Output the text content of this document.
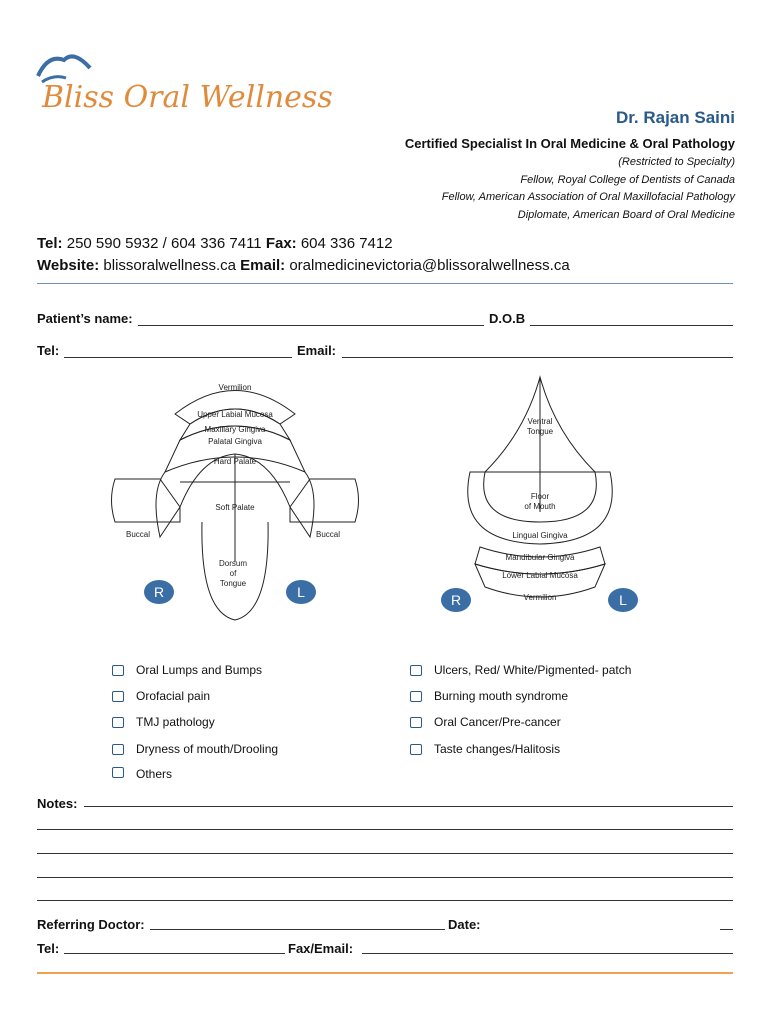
Bliss Oral Wellness
Dr. Rajan Saini
Certified Specialist In Oral Medicine & Oral Pathology
(Restricted to Specialty)
Fellow, Royal College of Dentists of Canada
Fellow, American Association of Oral Maxillofacial Pathology
Diplomate, American Board of Oral Medicine
Tel: 250 590 5932 / 604 336 7411 Fax: 604 336 7412
Website: blissoralwellness.ca Email: oralmedicinevictoria@blissoralwellness.ca
Patient’s name:	D.O.B
Tel:	Email:
Vermilion
Upper Labial Mucosa
Maxillary Gingiva
Palatal Gingiva
Hard Palate
Soft Palate
Buccal	Buccal
Dorsum
of
Tongue
R	L
Ventral
Tongue
Floor
of Mouth
Lingual Gingiva
Mandibular Gingiva
Lower Labial Mucosa
Vermilion
R	L
Oral Lumps and Bumps
Orofacial pain
TMJ pathology
Dryness of mouth/Drooling
Others
Ulcers, Red/ White/Pigmented- patch
Burning mouth syndrome
Oral Cancer/Pre-cancer
Taste changes/Halitosis
Notes:
Referring Doctor:	Date:
Tel:	Fax/Email:
